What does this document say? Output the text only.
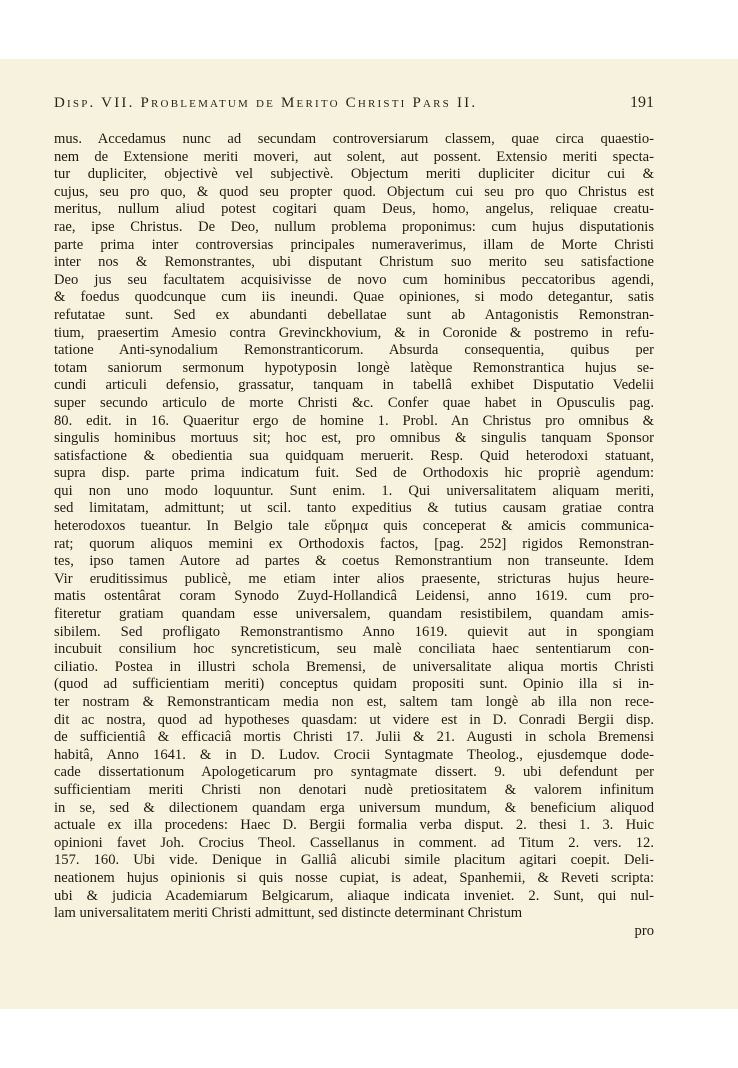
Disp. VII. Problematum de Merito Christi Pars II.	191
mus. Accedamus nunc ad secundam controversiarum classem, quae circa quaestio-
nem de Extensione meriti moveri, aut solent, aut possent. Extensio meriti specta-
tur dupliciter, objectivè vel subjectivè. Objectum meriti dupliciter dicitur cui &
cujus, seu pro quo, & quod seu propter quod. Objectum cui seu pro quo Christus est
meritus, nullum aliud potest cogitari quam Deus, homo, angelus, reliquae creatu-
rae, ipse Christus. De Deo, nullum problema proponimus: cum hujus disputationis
parte prima inter controversias principales numeraverimus, illam de Morte Christi
inter nos & Remonstrantes, ubi disputant Christum suo merito seu satisfactione
Deo jus seu facultatem acquisivisse de novo cum hominibus peccatoribus agendi,
& foedus quodcunque cum iis ineundi. Quae opiniones, si modo detegantur, satis
refutatae sunt. Sed ex abundanti debellatae sunt ab Antagonistis Remonstran-
tium, praesertim Amesio contra Grevinckhovium, & in Coronide & postremo in refu-
tatione Anti-synodalium Remonstranticorum. Absurda consequentia, quibus per
totam saniorum sermonum hypotyposin longè latèque Remonstrantica hujus se-
cundi articuli defensio, grassatur, tanquam in tabellâ exhibet Disputatio Vedelii
super secundo articulo de morte Christi &c. Confer quae habet in Opusculis pag.
80. edit. in 16. Quaeritur ergo de homine 1. Probl. An Christus pro omnibus &
singulis hominibus mortuus sit; hoc est, pro omnibus & singulis tanquam Sponsor
satisfactione & obedientia sua quidquam meruerit. Resp. Quid heterodoxi statuant,
supra disp. parte prima indicatum fuit. Sed de Orthodoxis hic propriè agendum:
qui non uno modo loquuntur. Sunt enim. 1. Qui universalitatem aliquam meriti,
sed limitatam, admittunt; ut scil. tanto expeditius & tutius causam gratiae contra
heterodoxos tueantur. In Belgio tale εὕρημα quis conceperat & amicis communica-
rat; quorum aliquos memini ex Orthodoxis factos, [pag. 252] rigidos Remonstran-
tes, ipso tamen Autore ad partes & coetus Remonstrantium non transeunte. Idem
Vir eruditissimus publicè, me etiam inter alios praesente, stricturas hujus heure-
matis ostentârat coram Synodo Zuyd-Hollandicâ Leidensi, anno 1619. cum pro-
fiteretur gratiam quandam esse universalem, quandam resistibilem, quandam amis-
sibilem. Sed profligato Remonstrantismo Anno 1619. quievit aut in spongiam
incubuit consilium hoc syncretisticum, seu malè conciliata haec sententiarum con-
ciliatio. Postea in illustri schola Bremensi, de universalitate aliqua mortis Christi
(quod ad sufficientiam meriti) conceptus quidam propositi sunt. Opinio illa si in-
ter nostram & Remonstranticam media non est, saltem tam longè ab illa non rece-
dit ac nostra, quod ad hypotheses quasdam: ut videre est in D. Conradi Bergii disp.
de sufficientiâ & efficaciâ mortis Christi 17. Julii & 21. Augusti in schola Bremensi
habitâ, Anno 1641. & in D. Ludov. Crocii Syntagmate Theolog., ejusdemque dode-
cade dissertationum Apologeticarum pro syntagmate dissert. 9. ubi defendunt per
sufficientiam meriti Christi non denotari nudè pretiositatem & valorem infinitum
in se, sed & dilectionem quandam erga universum mundum, & beneficium aliquod
actuale ex illa procedens: Haec D. Bergii formalia verba disput. 2. thesi 1. 3. Huic
opinioni favet Joh. Crocius Theol. Cassellanus in comment. ad Titum 2. vers. 12.
157. 160. Ubi vide. Denique in Galliâ alicubi simile placitum agitari coepit. Deli-
neationem hujus opinionis si quis nosse cupiat, is adeat, Spanhemii, & Reveti scripta:
ubi & judicia Academiarum Belgicarum, aliaque indicata inveniet. 2. Sunt, qui nul-
lam universalitatem meriti Christi admittunt, sed distincte determinant Christum
pro
